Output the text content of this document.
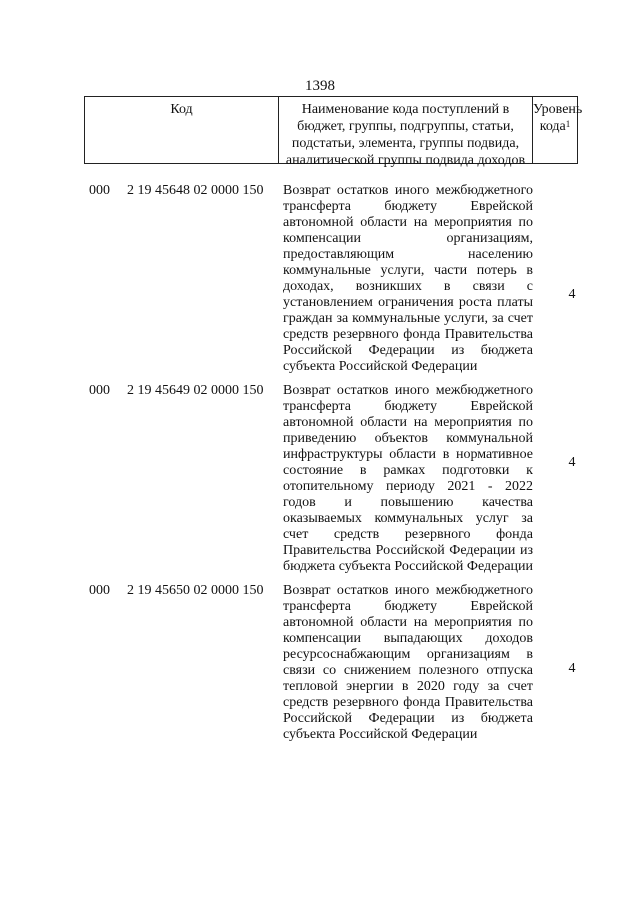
1398
Код	Наименование кода поступлений в бюджет, группы, подгруппы, статьи, подстатьи, элемента, группы подвида, аналитической группы подвида доходов
Уровень кода$^1$
000 2 19 45648 02 0000 150 Возврат остатков иного межбюджетного трансферта бюджету Еврейской автономной области на мероприятия по компенсации организациям, предоставляющим населению коммунальные услуги, части потерь в доходах, возникших в связи с установлением ограничения роста платы граждан за коммунальные услуги, за счет средств резервного фонда Правительства Российской Федерации из бюджета субъекта Российской Федерации
4
000 2 19 45649 02 0000 150 Возврат остатков иного межбюджетного трансферта бюджету Еврейской автономной области на мероприятия по приведению объектов коммунальной инфраструктуры области в нормативное состояние в рамках подготовки к отопительному периоду 2021 - 2022 годов и повышению качества оказываемых коммунальных услуг за счет средств резервного фонда Правительства Российской Федерации из бюджета субъекта Российской Федерации
4
000 2 19 45650 02 0000 150 Возврат остатков иного межбюджетного трансферта бюджету Еврейской автономной области на мероприятия по компенсации выпадающих доходов ресурсоснабжающим организациям в связи со снижением полезного отпуска тепловой энергии в 2020 году за счет средств резервного фонда Правительства Российской Федерации из бюджета субъекта Российской Федерации
4
